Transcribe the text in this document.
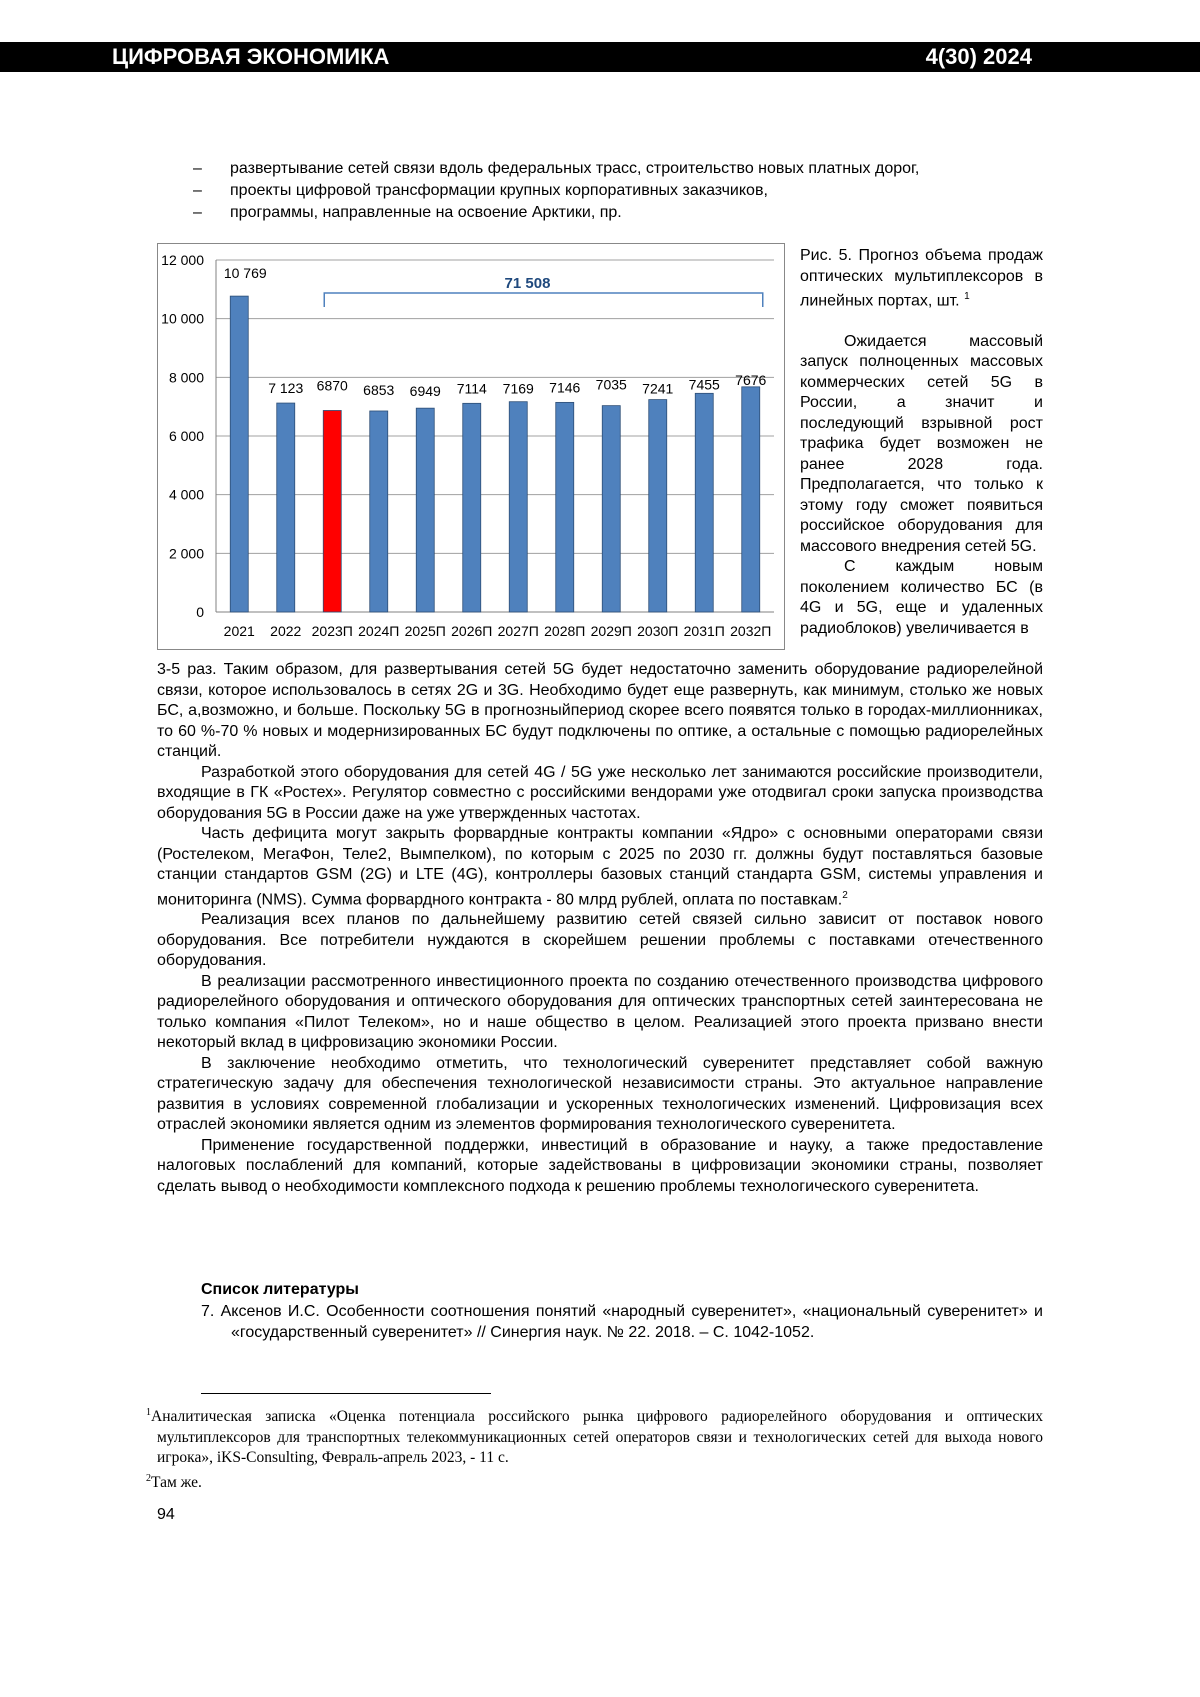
ЦИФРОВАЯ ЭКОНОМИКА	4(30) 2024
– развертывание сетей связи вдоль федеральных трасс, строительство новых платных дорог,
– проекты цифровой трансформации крупных корпоративных заказчиков,
– программы, направленные на освоение Арктики, пр.
0
2 000
4 000
6 000
8 000
10 000
12 000
10 769
2021
7 123
2022
6870
2023П
6853
2024П
6949
2025П
7114
2026П
7169
2027П
7146
2028П
7035
2029П
7241
2030П
7455
2031П
7676
2032П
71 508
Рис. 5. Прогноз объема продаж оптических мультиплексоров в линейных портах, шт. $^1$

Ожидается массовый запуск полноценных массовых коммерческих сетей 5G в России, а значит и последующий взрывной рост трафика будет возможен не ранее 2028 года. Предполагается, что только к этому году сможет появиться российское оборудования для массового внедрения сетей 5G.

С каждым новым поколением количество БС (в 4G и 5G, еще и удаленных радиоблоков) увеличивается в

3-5 раз. Таким образом, для развертывания сетей 5G будет недостаточно заменить оборудование радиорелейной связи, которое использовалось в сетях 2G и 3G. Необходимо будет еще развернуть, как минимум, столько же новых БС, а,возможно, и больше. Поскольку 5G в прогнозныйпериод скорее всего появятся только в городах-миллионниках, то 60 %-70 % новых и модернизированных БС будут подключены по оптике, а остальные с помощью радиорелейных станций.

Разработкой этого оборудования для сетей 4G / 5G уже несколько лет занимаются российские производители, входящие в ГК «Ростех». Регулятор совместно с российскими вендорами уже отодвигал сроки запуска производства оборудования 5G в России даже на уже утвержденных частотах.

Часть дефицита могут закрыть форвардные контракты компании «Ядро» с основными операторами связи (Ростелеком, МегаФон, Теле2, Вымпелком), по которым с 2025 по 2030 гг. должны будут поставляться базовые станции стандартов GSM (2G) и LTE (4G), контроллеры базовых станций стандарта GSM, системы управления и мониторинга (NMS). Сумма форвардного контракта - 80 млрд рублей, оплата по поставкам.$^2$

Реализация всех планов по дальнейшему развитию сетей связей сильно зависит от поставок нового оборудования. Все потребители нуждаются в скорейшем решении проблемы с поставками отечественного оборудования.

В реализации рассмотренного инвестиционного проекта по созданию отечественного производства цифрового радиорелейного оборудования и оптического оборудования для оптических транспортных сетей заинтересована не только компания «Пилот Телеком», но и наше общество в целом. Реализацией этого проекта призвано внести некоторый вклад в цифровизацию экономики России.

В заключение необходимо отметить, что технологический суверенитет представляет собой важную стратегическую задачу для обеспечения технологической независимости страны. Это актуальное направление развития в условиях современной глобализации и ускоренных технологических изменений. Цифровизация всех отраслей экономики является одним из элементов формирования технологического суверенитета.

Применение государственной поддержки, инвестиций в образование и науку, а также предоставление налоговых послаблений для компаний, которые задействованы в цифровизации экономики страны, позволяет сделать вывод о необходимости комплексного подхода к решению проблемы технологического суверенитета.

Список литературы
7. Аксенов И.С. Особенности соотношения понятий «народный суверенитет», «национальный суверенитет» и «государственный суверенитет» // Синергия наук. № 22. 2018. – С. 1042-1052.
$^1$Аналитическая записка «Оценка потенциала российского рынка цифрового радиорелейного оборудования и оптических мультиплексоров для транспортных телекоммуникационных сетей операторов связи и технологических сетей для выхода нового игрока», iKS-Consulting, Февраль-апрель 2023, - 11 с.
$^2$Там же.
94
